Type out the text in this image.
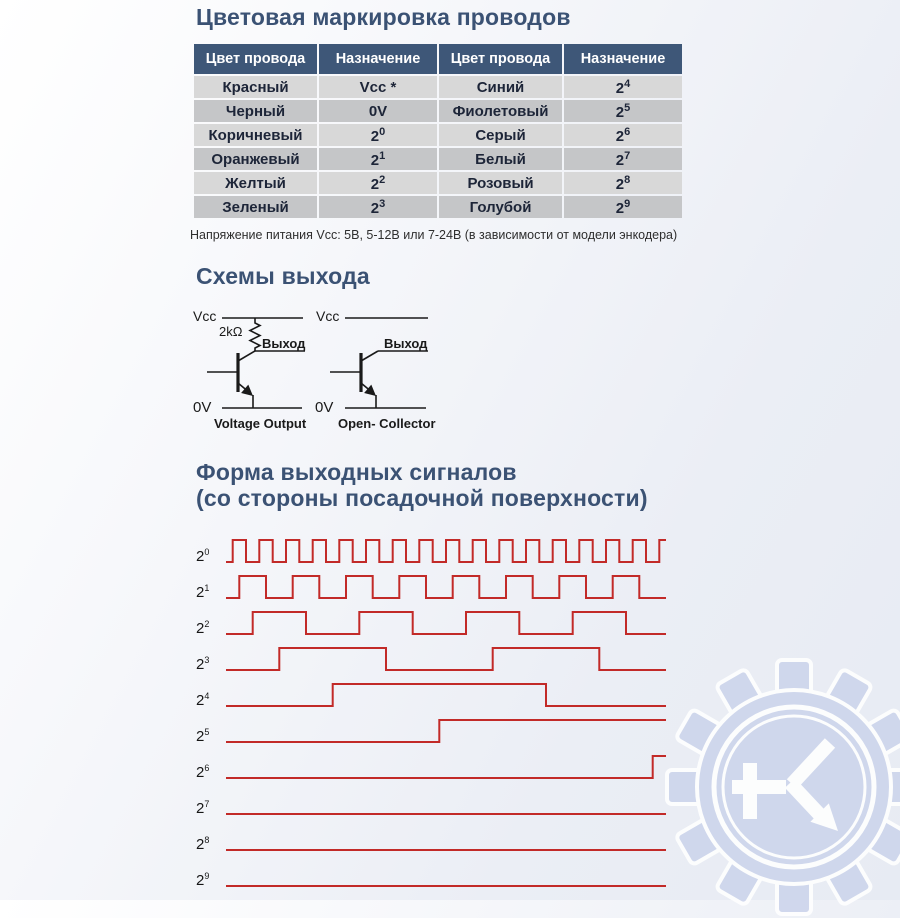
Цветовая маркировка проводов
Цвет провода	Назначение	Цвет провода	Назначение
Красный	Vcc *	Синий	$2^4$
Черный	0V	Фиолетовый	$2^5$
Коричневый	$2^0$	Серый	$2^6$
Оранжевый	$2^1$	Белый	$2^7$
Желтый	$2^2$	Розовый	$2^8$
Зеленый	$2^3$	Голубой	$2^9$
Напряжение питания Vcc: 5В, 5-12В или 7-24В (в зависимости от модели энкодера)
Схемы выхода
Vcc
2kΩ
Выход
0V
Voltage Output
Vcc
Выход
0V
Open- Collector
Форма выходных сигналов
(со стороны посадочной поверхности)
$2^0$
$2^1$
$2^2$
$2^3$
$2^4$
$2^5$
$2^6$
$2^7$
$2^8$
$2^9$
